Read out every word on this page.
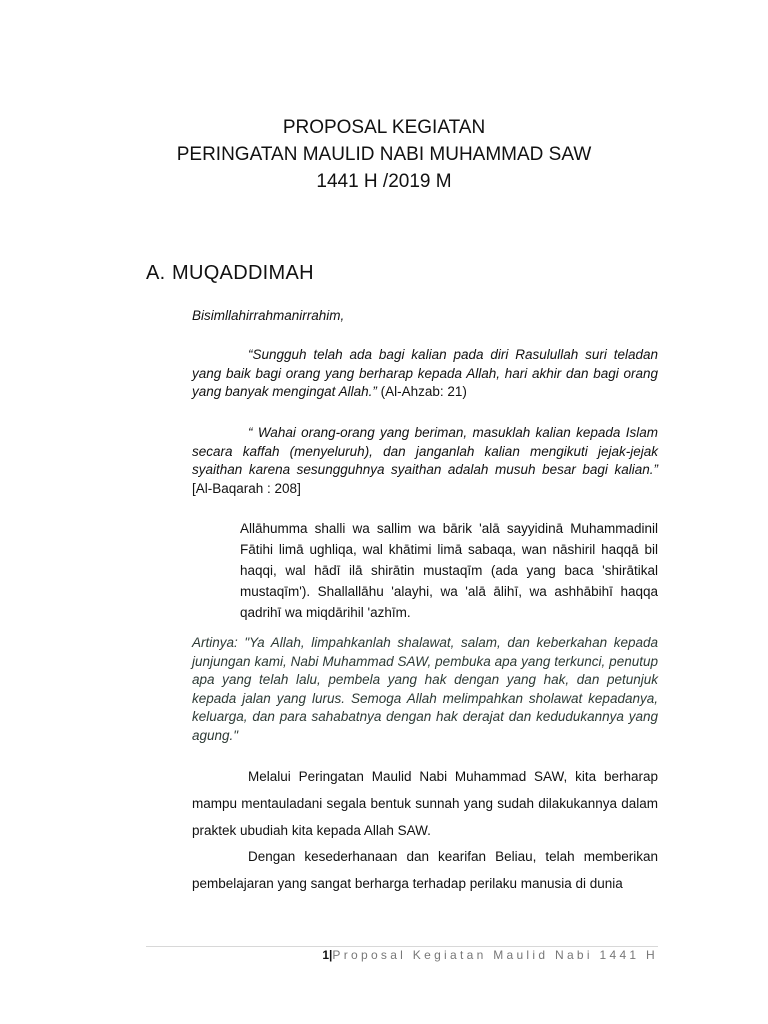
PROPOSAL KEGIATAN
PERINGATAN MAULID NABI MUHAMMAD SAW
1441 H /2019 M
A. MUQADDIMAH
Bisimllahirrahmanirrahim,
“Sungguh telah ada bagi kalian pada diri Rasulullah suri teladan yang baik bagi orang yang berharap kepada Allah, hari akhir dan bagi orang yang banyak mengingat Allah.” (Al-Ahzab: 21)
“ Wahai orang-orang yang beriman, masuklah kalian kepada Islam secara kaffah (menyeluruh), dan janganlah kalian mengikuti jejak-jejak syaithan karena sesungguhnya syaithan adalah musuh besar bagi kalian.” [Al-Baqarah : 208]
Allāhumma shalli wa sallim wa bārik 'alā sayyidinā Muhammadinil Fātihi limā ughliqa, wal khātimi limā sabaqa, wan nāshiril haqqā bil haqqi, wal hādī ilā shirātin mustaqīm (ada yang baca 'shirātikal mustaqīm'). Shallallāhu 'alayhi, wa 'alā ālihī, wa ashhābihī haqqa qadrihī wa miqdārihil 'azhīm.
Artinya: "Ya Allah, limpahkanlah shalawat, salam, dan keberkahan kepada junjungan kami, Nabi Muhammad SAW, pembuka apa yang terkunci, penutup apa yang telah lalu, pembela yang hak dengan yang hak, dan petunjuk kepada jalan yang lurus. Semoga Allah melimpahkan sholawat kepadanya, keluarga, dan para sahabatnya dengan hak derajat dan kedudukannya yang agung."
Melalui Peringatan Maulid Nabi Muhammad SAW, kita berharap mampu mentauladani segala bentuk sunnah yang sudah dilakukannya dalam praktek ubudiah kita kepada Allah SAW.
Dengan kesederhanaan dan kearifan Beliau, telah memberikan pembelajaran yang sangat berharga terhadap perilaku manusia di dunia
1|Proposal Kegiatan Maulid Nabi 1441 H
